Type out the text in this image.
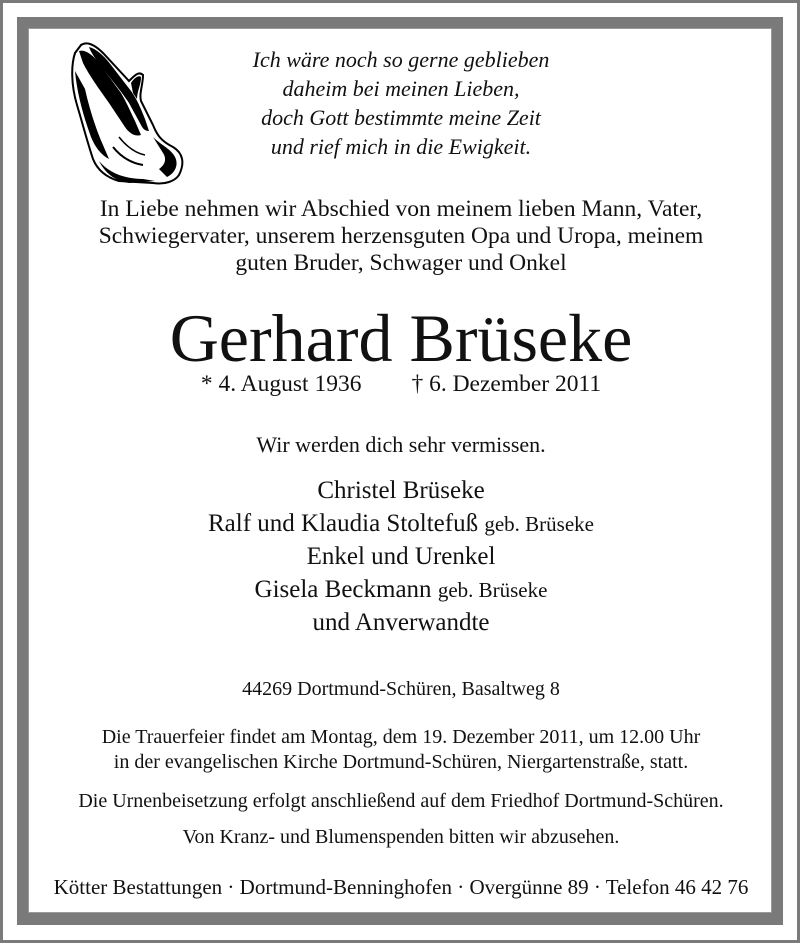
Ich wäre noch so gerne geblieben
daheim bei meinen Lieben,
doch Gott bestimmte meine Zeit
und rief mich in die Ewigkeit.
In Liebe nehmen wir Abschied von meinem lieben Mann, Vater,
Schwiegervater, unserem herzensguten Opa und Uropa, meinem
guten Bruder, Schwager und Onkel
Gerhard Brüseke
* 4. August 1936 † 6. Dezember 2011
Wir werden dich sehr vermissen.
Christel Brüseke
Ralf und Klaudia Stoltefuß geb. Brüseke
Enkel und Urenkel
Gisela Beckmann geb. Brüseke
und Anverwandte
44269 Dortmund-Schüren, Basaltweg 8
Die Trauerfeier findet am Montag, dem 19. Dezember 2011, um 12.00 Uhr
in der evangelischen Kirche Dortmund-Schüren, Niergartenstraße, statt.
Die Urnenbeisetzung erfolgt anschließend auf dem Friedhof Dortmund-Schüren.
Von Kranz- und Blumenspenden bitten wir abzusehen.
Kötter Bestattungen · Dortmund-Benninghofen · Overgünne 89 · Telefon 46 42 76
